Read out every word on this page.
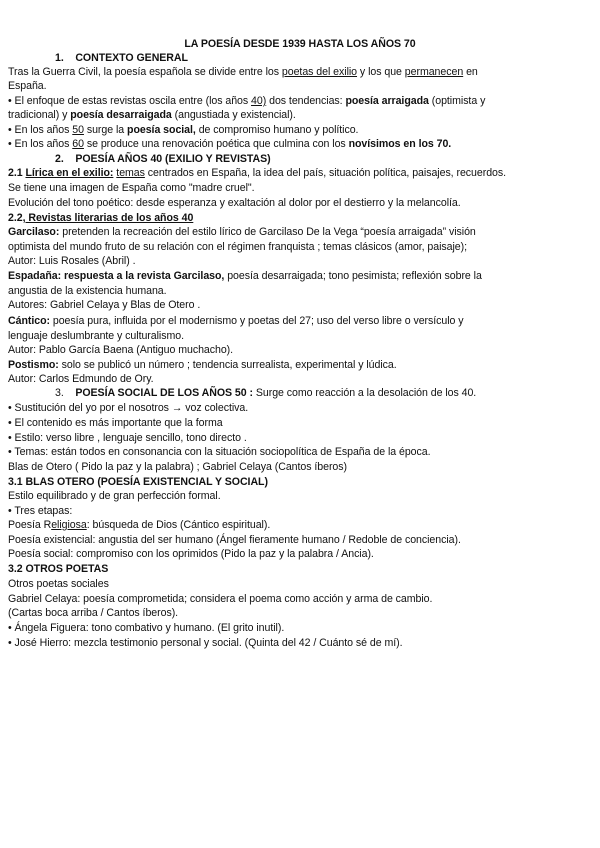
LA POESÍA DESDE 1939 HASTA LOS AÑOS 70
1. CONTEXTO GENERAL
Tras la Guerra Civil, la poesía española se divide entre los poetas del exilio y los que permanecen en
España.
• El enfoque de estas revistas oscila entre (los años 40) dos tendencias: poesía arraigada (optimista y
tradicional) y poesía desarraigada (angustiada y existencial).
• En los años 50 surge la poesía social, de compromiso humano y político.
• En los años 60 se produce una renovación poética que culmina con los novísimos en los 70.
2. POESÍA AÑOS 40 (EXILIO Y REVISTAS)
2.1 Lírica en el exilio: temas centrados en España, la idea del país, situación política, paisajes, recuerdos.
Se tiene una imagen de España como "madre cruel".
Evolución del tono poético: desde esperanza y exaltación al dolor por el destierro y la melancolía.
2.2, Revistas literarias de los años 40
Garcilaso: pretenden la recreación del estilo lírico de Garcilaso De la Vega “poesía arraigada” visión
optimista del mundo fruto de su relación con el régimen franquista ; temas clásicos (amor, paisaje);
Autor: Luis Rosales (Abril) .
Espadaña: respuesta a la revista Garcilaso, poesía desarraigada; tono pesimista; reflexión sobre la
angustia de la existencia humana.
Autores: Gabriel Celaya y Blas de Otero .
Cántico: poesía pura, influida por el modernismo y poetas del 27; uso del verso libre o versículo y
lenguaje deslumbrante y culturalismo.
Autor: Pablo García Baena (Antiguo muchacho).
Postismo: solo se publicó un número ; tendencia surrealista, experimental y lúdica.
Autor: Carlos Edmundo de Ory.
3. POESÍA SOCIAL DE LOS AÑOS 50 : Surge como reacción a la desolación de los 40.
• Sustitución del yo por el nosotros → voz colectiva.
• El contenido es más importante que la forma
• Estilo: verso libre , lenguaje sencillo, tono directo .
• Temas: están todos en consonancia con la situación sociopolítica de España de la época.
Blas de Otero ( Pido la paz y la palabra) ; Gabriel Celaya (Cantos íberos)
3.1 BLAS OTERO (POESÍA EXISTENCIAL Y SOCIAL)
Estilo equilibrado y de gran perfección formal.
• Tres etapas:
Poesía Religiosa: búsqueda de Dios (Cántico espiritual).
Poesía existencial: angustia del ser humano (Ángel fieramente humano / Redoble de conciencia).
Poesía social: compromiso con los oprimidos (Pido la paz y la palabra / Ancia).
3.2 OTROS POETAS
Otros poetas sociales
Gabriel Celaya: poesía comprometida; considera el poema como acción y arma de cambio.
(Cartas boca arriba / Cantos íberos).
• Ángela Figuera: tono combativo y humano. (El grito inutil).
• José Hierro: mezcla testimonio personal y social. (Quinta del 42 / Cuánto sé de mí).
